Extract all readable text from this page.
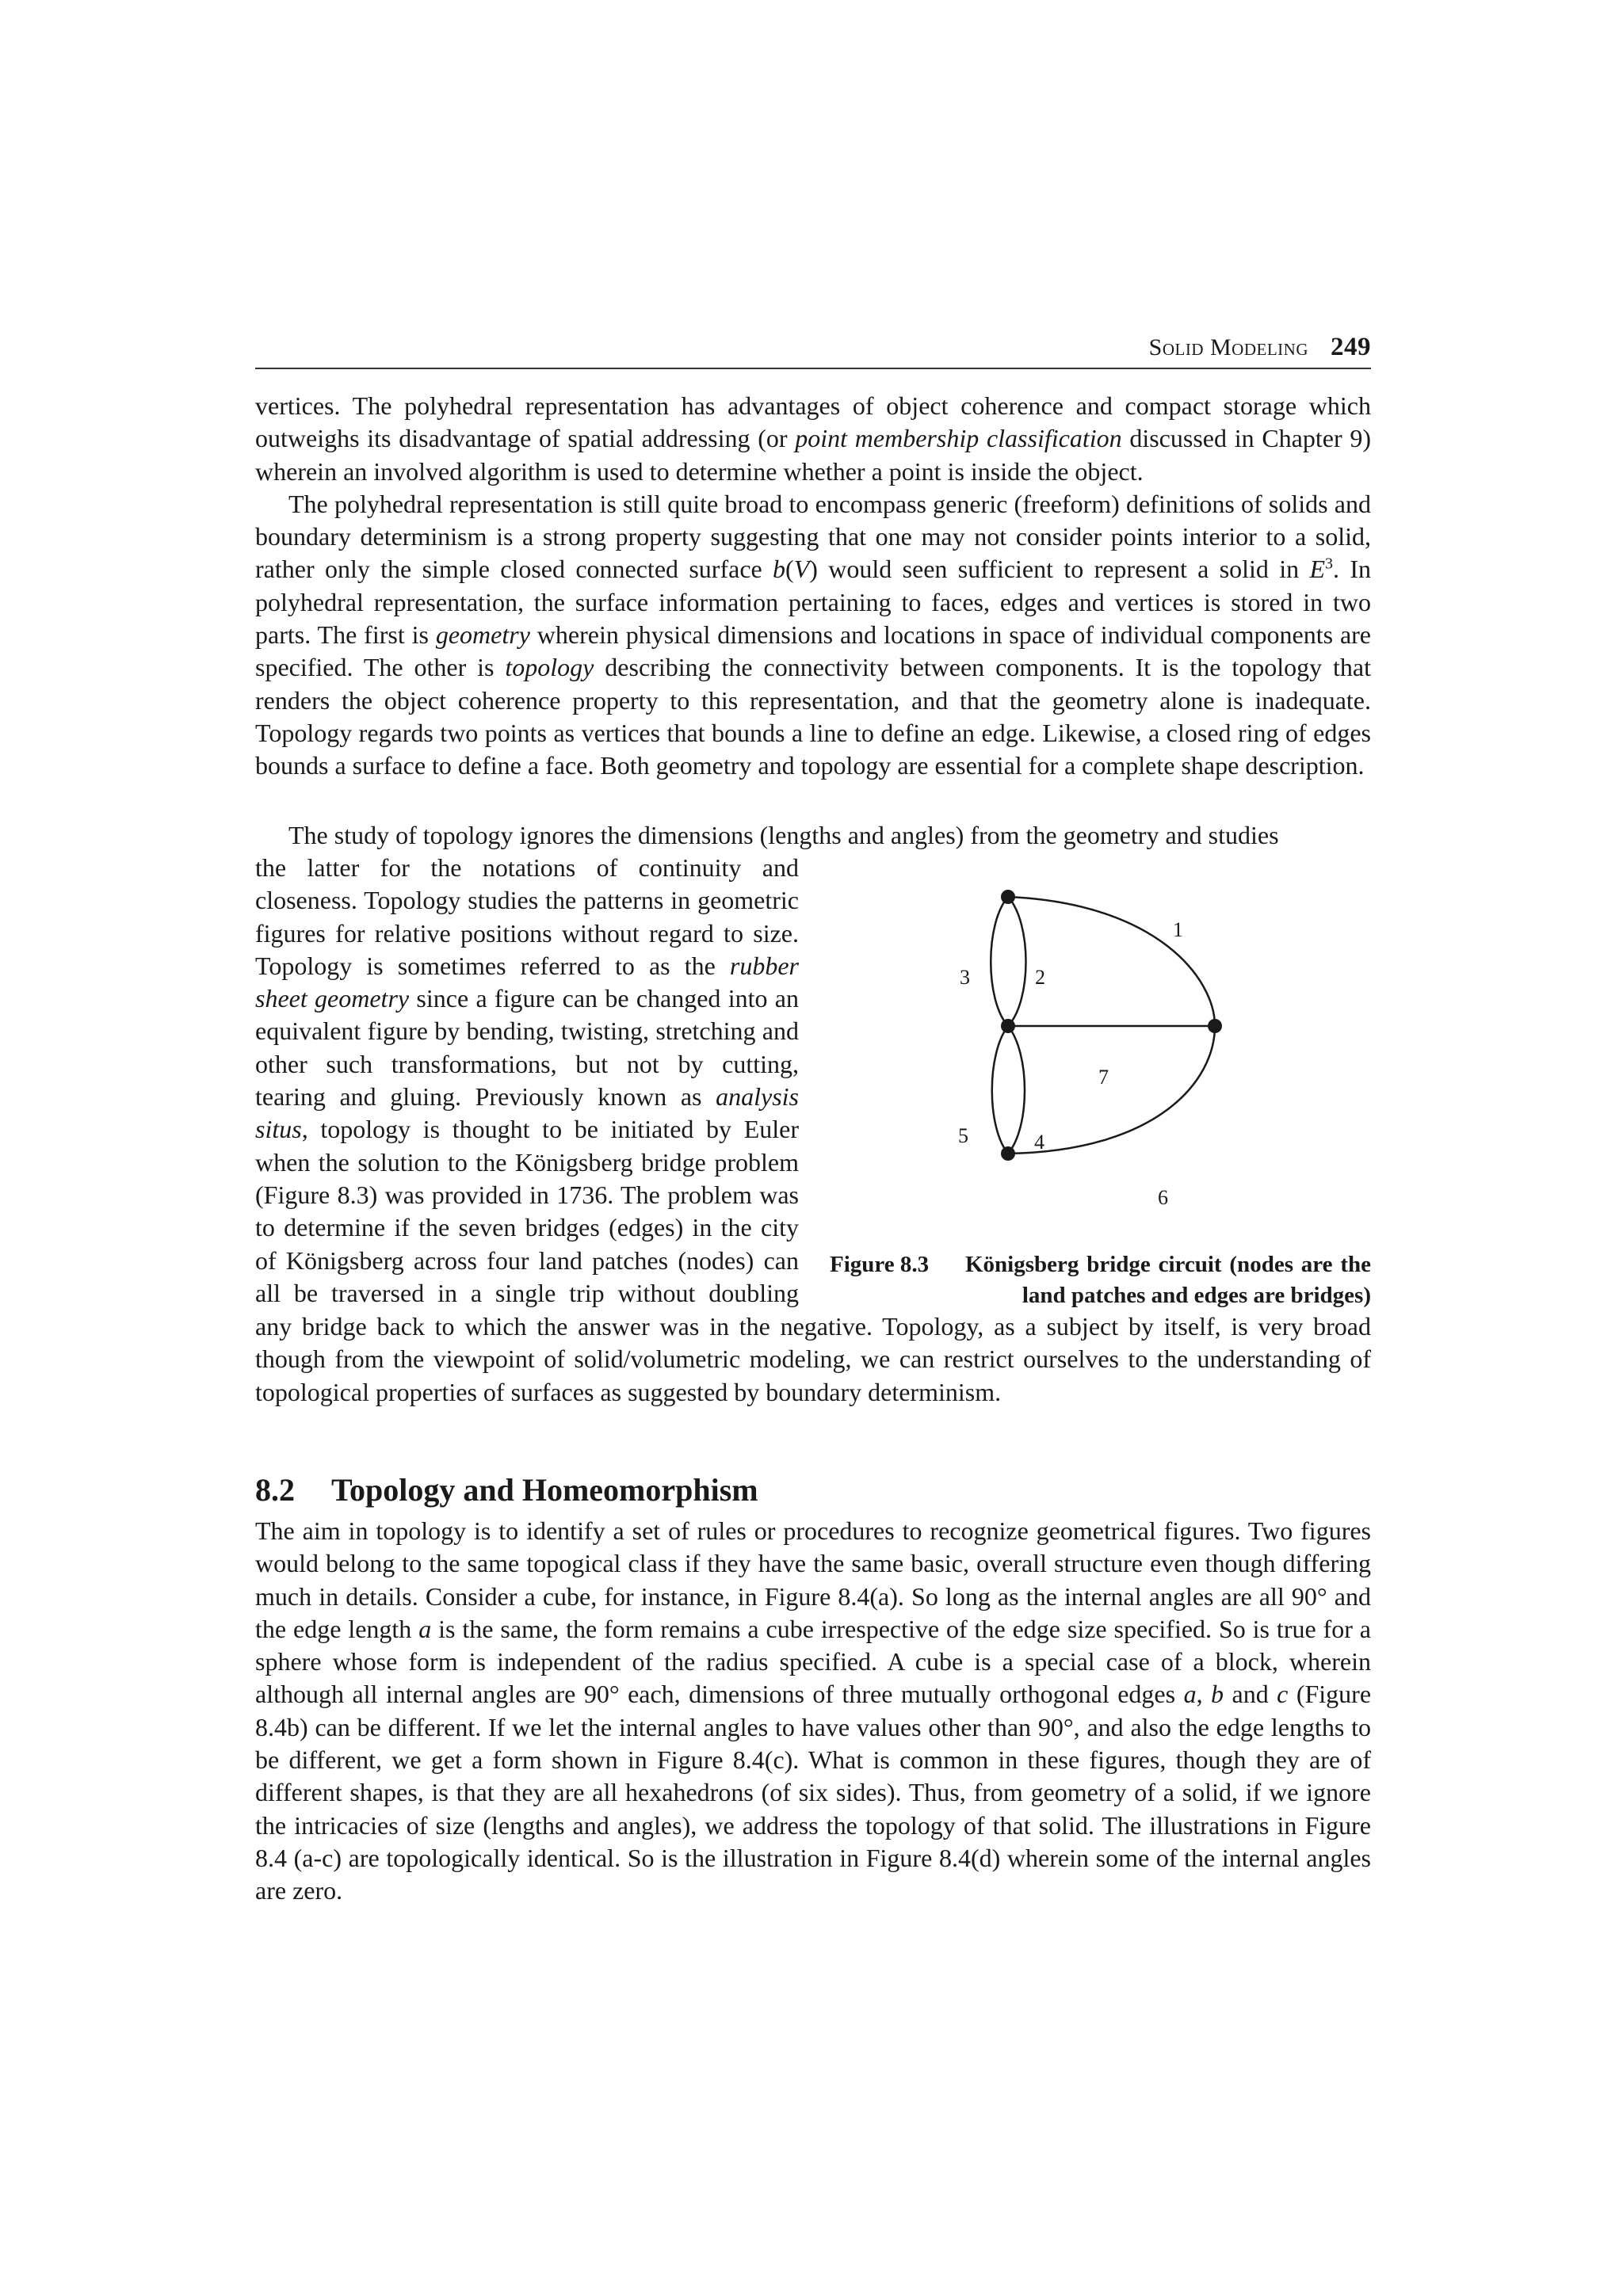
Solid Modeling 249

vertices. The polyhedral representation has advantages of object coherence and compact storage which outweighs its disadvantage of spatial addressing (or point membership classification discussed in Chapter 9) wherein an involved algorithm is used to determine whether a point is inside the object.

The polyhedral representation is still quite broad to encompass generic (freeform) definitions of solids and boundary determinism is a strong property suggesting that one may not consider points interior to a solid, rather only the simple closed connected surface b(V) would seen sufficient to represent a solid in $E^3$. In polyhedral representation, the surface information pertaining to faces, edges and vertices is stored in two parts. The first is geometry wherein physical dimensions and locations in space of individual components are specified. The other is topology describing the connectivity between components. It is the topology that renders the object coherence property to this representation, and that the geometry alone is inadequate. Topology regards two points as vertices that bounds a line to define an edge. Likewise, a closed ring of edges bounds a surface to define a face. Both geometry and topology are essential for a complete shape description.

The study of topology ignores the dimensions (lengths and angles) from the geometry and studies

the latter for the notations of continuity and closeness. Topology studies the patterns in geometric figures for relative positions without regard to size. Topology is sometimes referred to as the rubber sheet geometry since a figure can be changed into an equivalent figure by bending, twisting, stretching and other such transformations, but not by cutting, tearing and gluing. Previously known as analysis situs, topology is thought to be initiated by Euler when the solution to the Königsberg bridge problem (Figure 8.3) was provided in 1736. The problem was to determine if the seven bridges (edges) in the city of Königsberg across four land patches (nodes) can all be traversed in a single trip without doubling

1
2
3
4
5
6
7
Figure 8.3 Königsberg bridge circuit (nodes are the land patches and edges are bridges)

any bridge back to which the answer was in the negative. Topology, as a subject by itself, is very broad though from the viewpoint of solid/volumetric modeling, we can restrict ourselves to the understanding of topological properties of surfaces as suggested by boundary determinism.

8.2 Topology and Homeomorphism

The aim in topology is to identify a set of rules or procedures to recognize geometrical figures. Two figures would belong to the same topogical class if they have the same basic, overall structure even though differing much in details. Consider a cube, for instance, in Figure 8.4(a). So long as the internal angles are all 90° and the edge length a is the same, the form remains a cube irrespective of the edge size specified. So is true for a sphere whose form is independent of the radius specified. A cube is a special case of a block, wherein although all internal angles are 90° each, dimensions of three mutually orthogonal edges a, b and c (Figure 8.4b) can be different. If we let the internal angles to have values other than 90°, and also the edge lengths to be different, we get a form shown in Figure 8.4(c). What is common in these figures, though they are of different shapes, is that they are all hexahedrons (of six sides). Thus, from geometry of a solid, if we ignore the intricacies of size (lengths and angles), we address the topology of that solid. The illustrations in Figure 8.4 (a-c) are topologically identical. So is the illustration in Figure 8.4(d) wherein some of the internal angles are zero.
